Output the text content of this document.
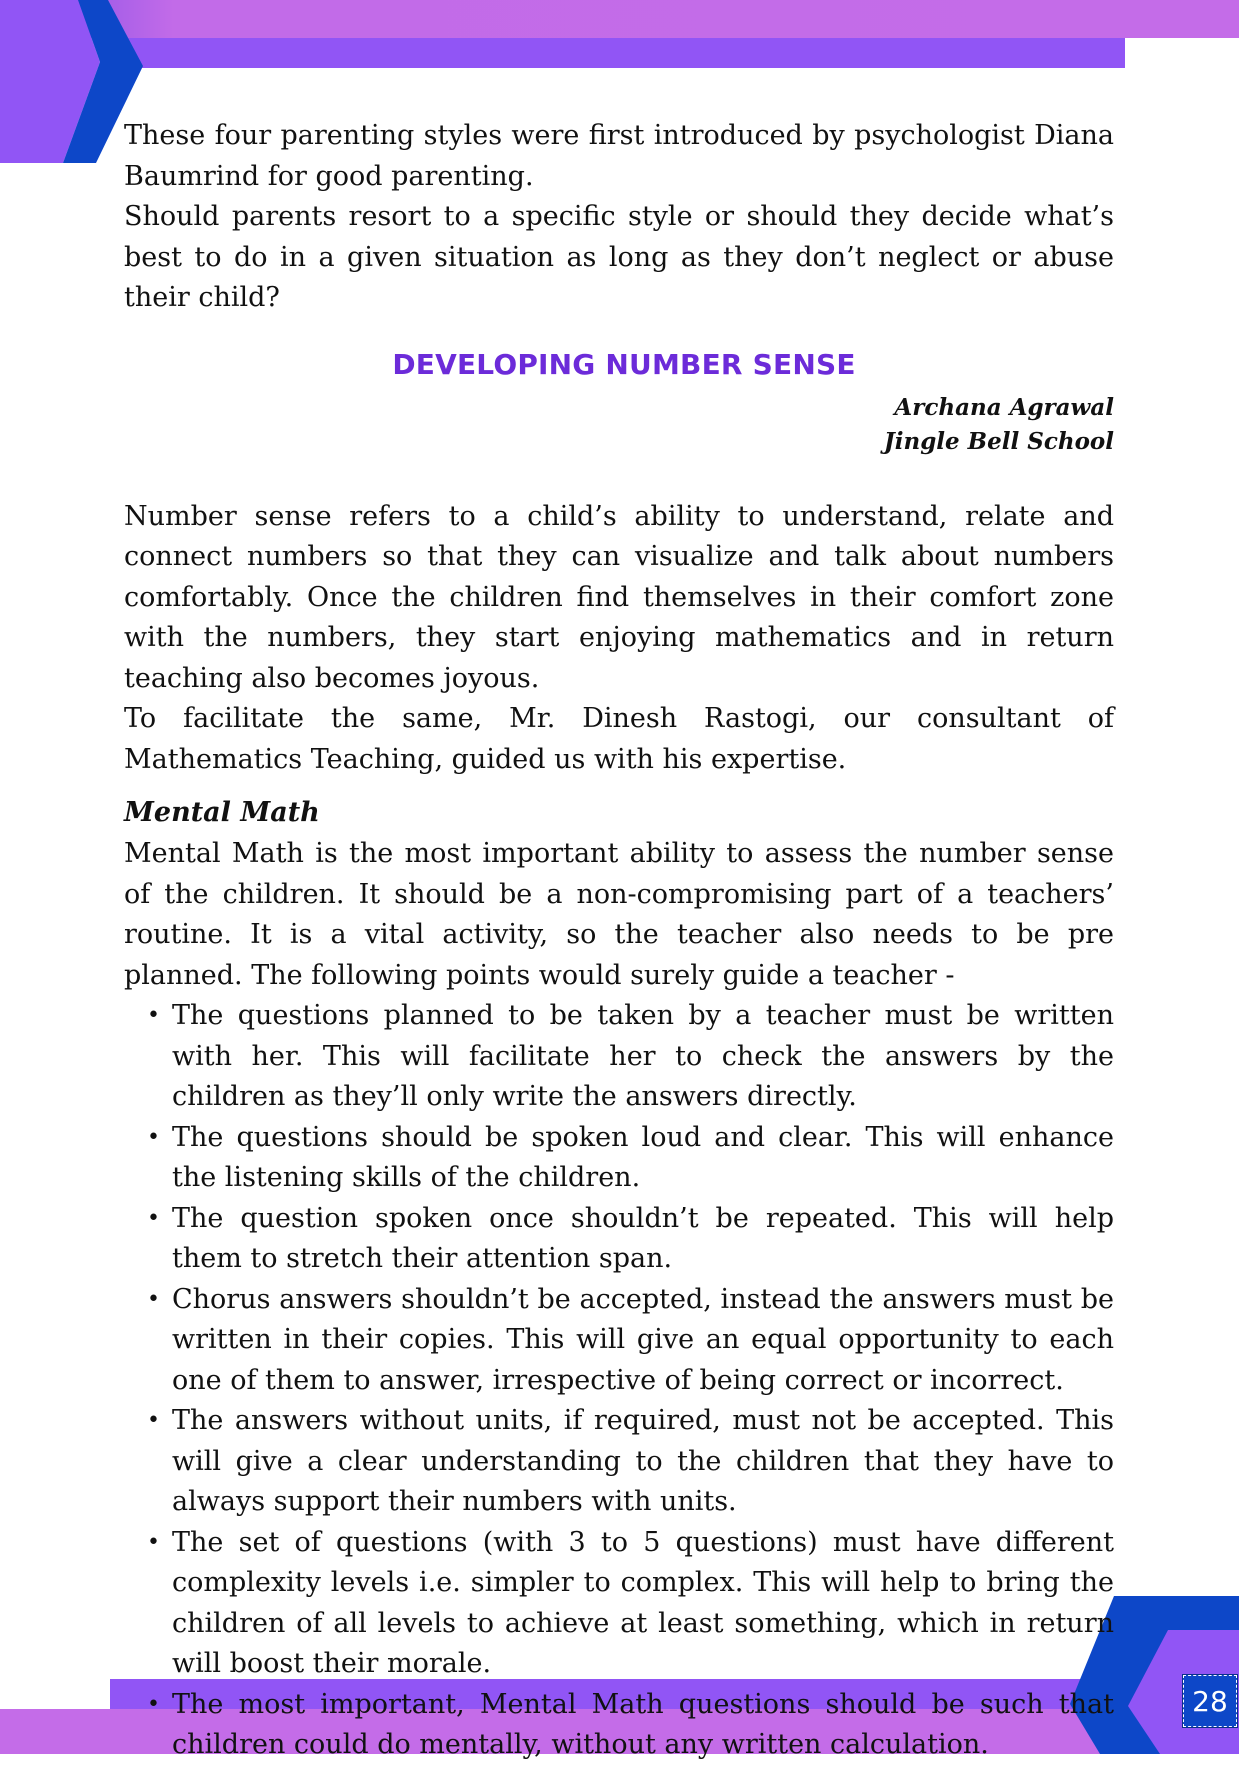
28

These four parenting styles were first introduced by psychologist Diana Baumrind for good parenting.

Should parents resort to a specific style or should they decide what’s best to do in a given situation as long as they don’t neglect or abuse their child?

DEVELOPING NUMBER SENSE
Archana Agrawal
Jingle Bell School

Number sense refers to a child’s ability to understand, relate and connect numbers so that they can visualize and talk about numbers comfortably. Once the children find themselves in their comfort zone with the numbers, they start enjoying mathematics and in return teaching also becomes joyous.

To facilitate the same, Mr. Dinesh Rastogi, our consultant of Mathematics Teaching, guided us with his expertise.

Mental Math

Mental Math is the most important ability to assess the number sense of the children. It should be a non-compromising part of a teachers’ routine. It is a vital activity, so the teacher also needs to be pre planned. The following points would surely guide a teacher -

• The questions planned to be taken by a teacher must be written with her. This will facilitate her to check the answers by the children as they’ll only write the answers directly.
• The questions should be spoken loud and clear. This will enhance the listening skills of the children.
• The question spoken once shouldn’t be repeated. This will help them to stretch their attention span.
• Chorus answers shouldn’t be accepted, instead the answers must be written in their copies. This will give an equal opportunity to each one of them to answer, irrespective of being correct or incorrect.
• The answers without units, if required, must not be accepted. This will give a clear understanding to the children that they have to always support their numbers with units.
• The set of questions (with 3 to 5 questions) must have different complexity levels i.e. simpler to complex. This will help to bring the children of all levels to achieve at least something, which in return will boost their morale.
• The most important, Mental Math questions should be such that children could do mentally, without any written calculation.
